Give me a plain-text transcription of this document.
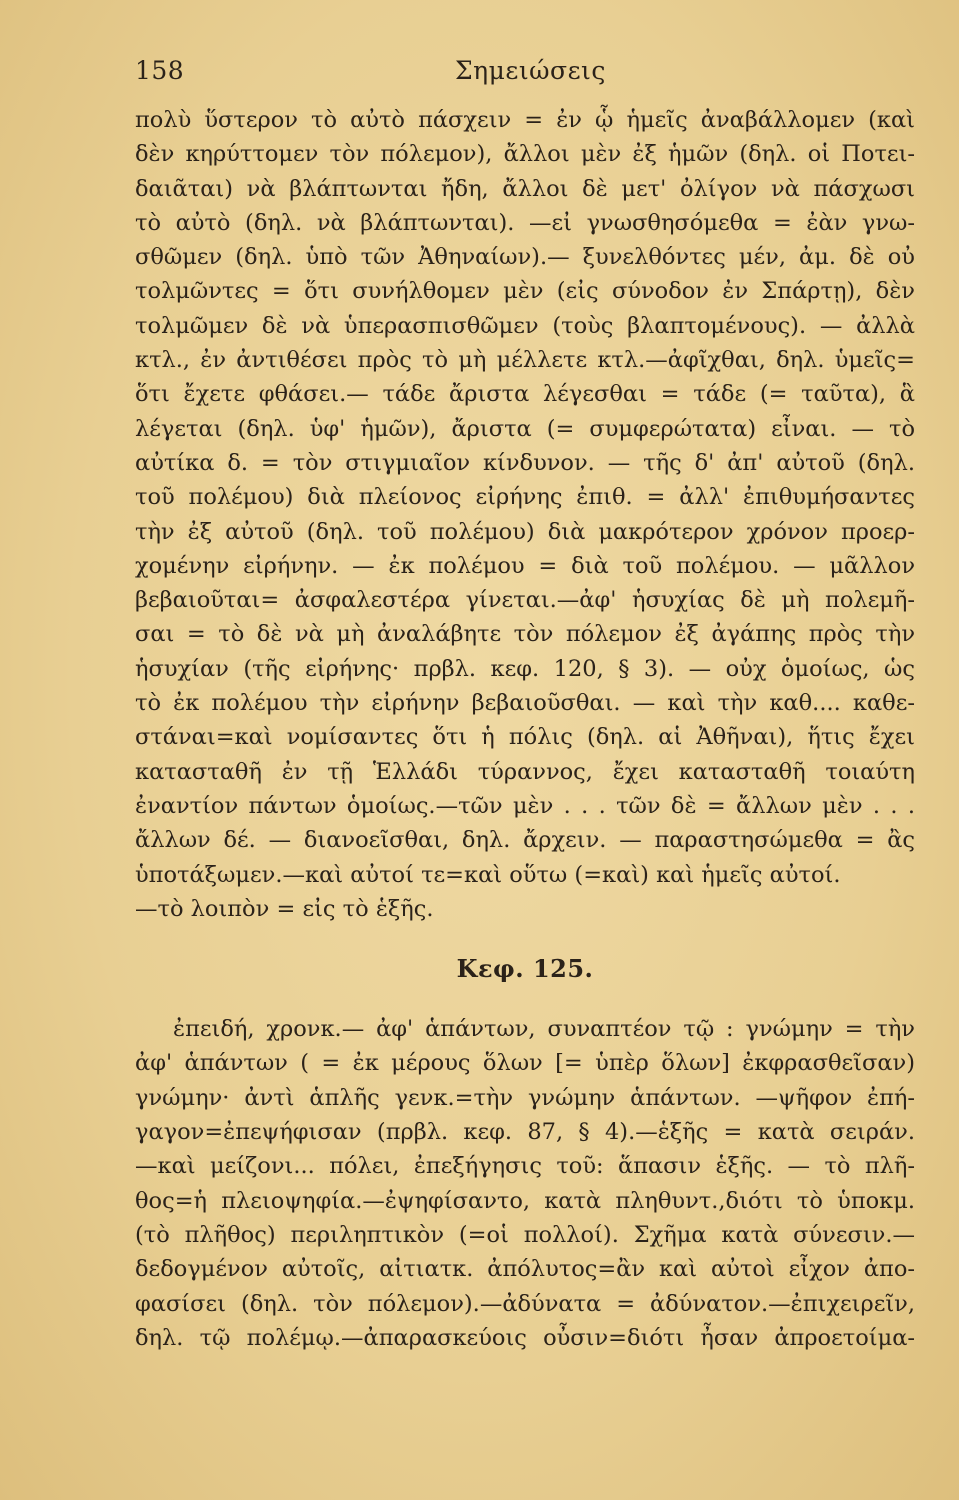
158	Σημειώσεις
πολὺ ὕστερον τὸ αὐτὸ πάσχειν = ἐν ᾧ ἡμεῖς ἀναβάλλομεν (καὶ
δὲν κηρύττομεν τὸν πόλεμον), ἄλλοι μὲν ἐξ ἡμῶν (δηλ. οἱ Ποτει-
δαιᾶται) νὰ βλάπτωνται ἤδη, ἄλλοι δὲ μετ' ὀλίγον νὰ πάσχωσι
τὸ αὐτὸ (δηλ. νὰ βλάπτωνται). —εἰ γνωσθησόμεθα = ἐὰν γνω-
σθῶμεν (δηλ. ὑπὸ τῶν Ἀθηναίων).— ξυνελθόντες μέν, ἀμ. δὲ οὐ
τολμῶντες = ὅτι συνήλθομεν μὲν (εἰς σύνοδον ἐν Σπάρτῃ), δὲν
τολμῶμεν δὲ νὰ ὑπερασπισθῶμεν (τοὺς βλαπτομένους). — ἀλλὰ
κτλ., ἐν ἀντιθέσει πρὸς τὸ μὴ μέλλετε κτλ.—ἀφῖχθαι, δηλ. ὑμεῖς=
ὅτι ἔχετε φθάσει.— τάδε ἄριστα λέγεσθαι = τάδε (= ταῦτα), ἃ
λέγεται (δηλ. ὑφ' ἡμῶν), ἄριστα (= συμφερώτατα) εἶναι. — τὸ
αὐτίκα δ. = τὸν στιγμιαῖον κίνδυνον. — τῆς δ' ἀπ' αὐτοῦ (δηλ.
τοῦ πολέμου) διὰ πλείονος εἰρήνης ἐπιθ. = ἀλλ' ἐπιθυμήσαντες
τὴν ἐξ αὐτοῦ (δηλ. τοῦ πολέμου) διὰ μακρότερον χρόνον προερ-
χομένην εἰρήνην. — ἐκ πολέμου = διὰ τοῦ πολέμου. — μᾶλλον
βεβαιοῦται= ἀσφαλεστέρα γίνεται.—ἀφ' ἡσυχίας δὲ μὴ πολεμῆ-
σαι = τὸ δὲ νὰ μὴ ἀναλάβητε τὸν πόλεμον ἐξ ἀγάπης πρὸς τὴν
ἡσυχίαν (τῆς εἰρήνης· πρβλ. κεφ. 120, § 3). — οὐχ ὁμοίως, ὡς
τὸ ἐκ πολέμου τὴν εἰρήνην βεβαιοῦσθαι. — καὶ τὴν καθ.... καθε-
στάναι=καὶ νομίσαντες ὅτι ἡ πόλις (δηλ. αἱ Ἀθῆναι), ἥτις ἔχει
κατασταθῆ ἐν τῇ Ἑλλάδι τύραννος, ἔχει κατασταθῆ τοιαύτη
ἐναντίον πάντων ὁμοίως.—τῶν μὲν . . . τῶν δὲ = ἄλλων μὲν . . .
ἄλλων δέ. — διανοεῖσθαι, δηλ. ἄρχειν. — παραστησώμεθα = ἂς
ὑποτάξωμεν.—καὶ αὐτοί τε=καὶ οὕτω (=καὶ) καὶ ἡμεῖς αὐτοί.
—τὸ λοιπὸν = εἰς τὸ ἑξῆς.
Κεφ. 125.
ἐπειδή, χρονκ.— ἀφ' ἁπάντων, συναπτέον τῷ : γνώμην = τὴν
ἀφ' ἁπάντων ( = ἐκ μέρους ὅλων [= ὑπὲρ ὅλων] ἐκφρασθεῖσαν)
γνώμην· ἀντὶ ἁπλῆς γενκ.=τὴν γνώμην ἁπάντων. —ψῆφον ἐπή-
γαγον=ἐπεψήφισαν (πρβλ. κεφ. 87, § 4).—ἑξῆς = κατὰ σειράν.
—καὶ μείζονι... πόλει, ἐπεξήγησις τοῦ: ἅπασιν ἑξῆς. — τὸ πλῆ-
θος=ἡ πλειοψηφία.—ἐψηφίσαντο, κατὰ πληθυντ.,διότι τὸ ὑποκμ.
(τὸ πλῆθος) περιληπτικὸν (=οἱ πολλοί). Σχῆμα κατὰ σύνεσιν.—
δεδογμένον αὐτοῖς, αἰτιατκ. ἀπόλυτος=ἂν καὶ αὐτοὶ εἶχον ἀπο-
φασίσει (δηλ. τὸν πόλεμον).—ἀδύνατα = ἀδύνατον.—ἐπιχειρεῖν,
δηλ. τῷ πολέμῳ.—ἀπαρασκεύοις οὖσιν=διότι ἦσαν ἀπροετοίμα-
